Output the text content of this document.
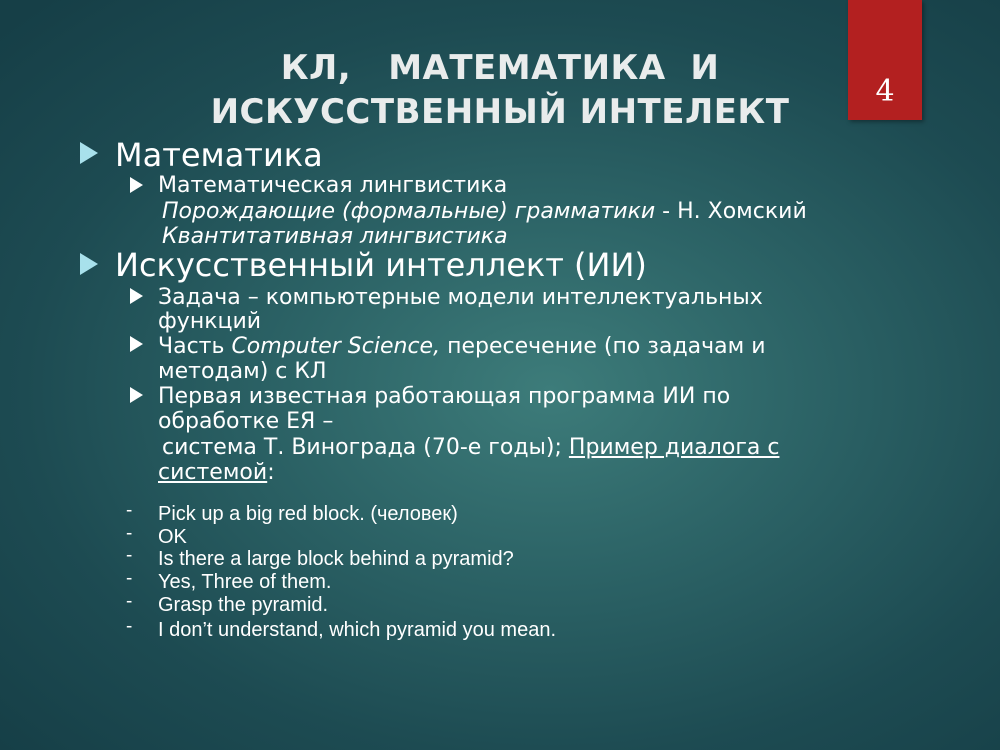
4
КЛ, МАТЕМАТИКА  И
ИСКУССТВЕННЫЙ ИНТЕЛЕКТ
Математика
Математическая лингвистика
Порождающие (формальные) грамматики - Н. Хомский
Квантитативная лингвистика
Искусственный интеллект (ИИ)
Задача – компьютерные модели интеллектуальных
функций
Часть Computer Science, пересечение (по задачам и
методам) с КЛ
Первая известная работающая программа ИИ по
обработке ЕЯ –
система Т. Винограда (70-е годы); Пример диалога с
системой:
- Pick up a big red block. (человек)
- OK
- Is there a large block behind a pyramid?
- Yes, Three of them.
- Grasp the pyramid.
- I don’t understand, which pyramid you mean.
